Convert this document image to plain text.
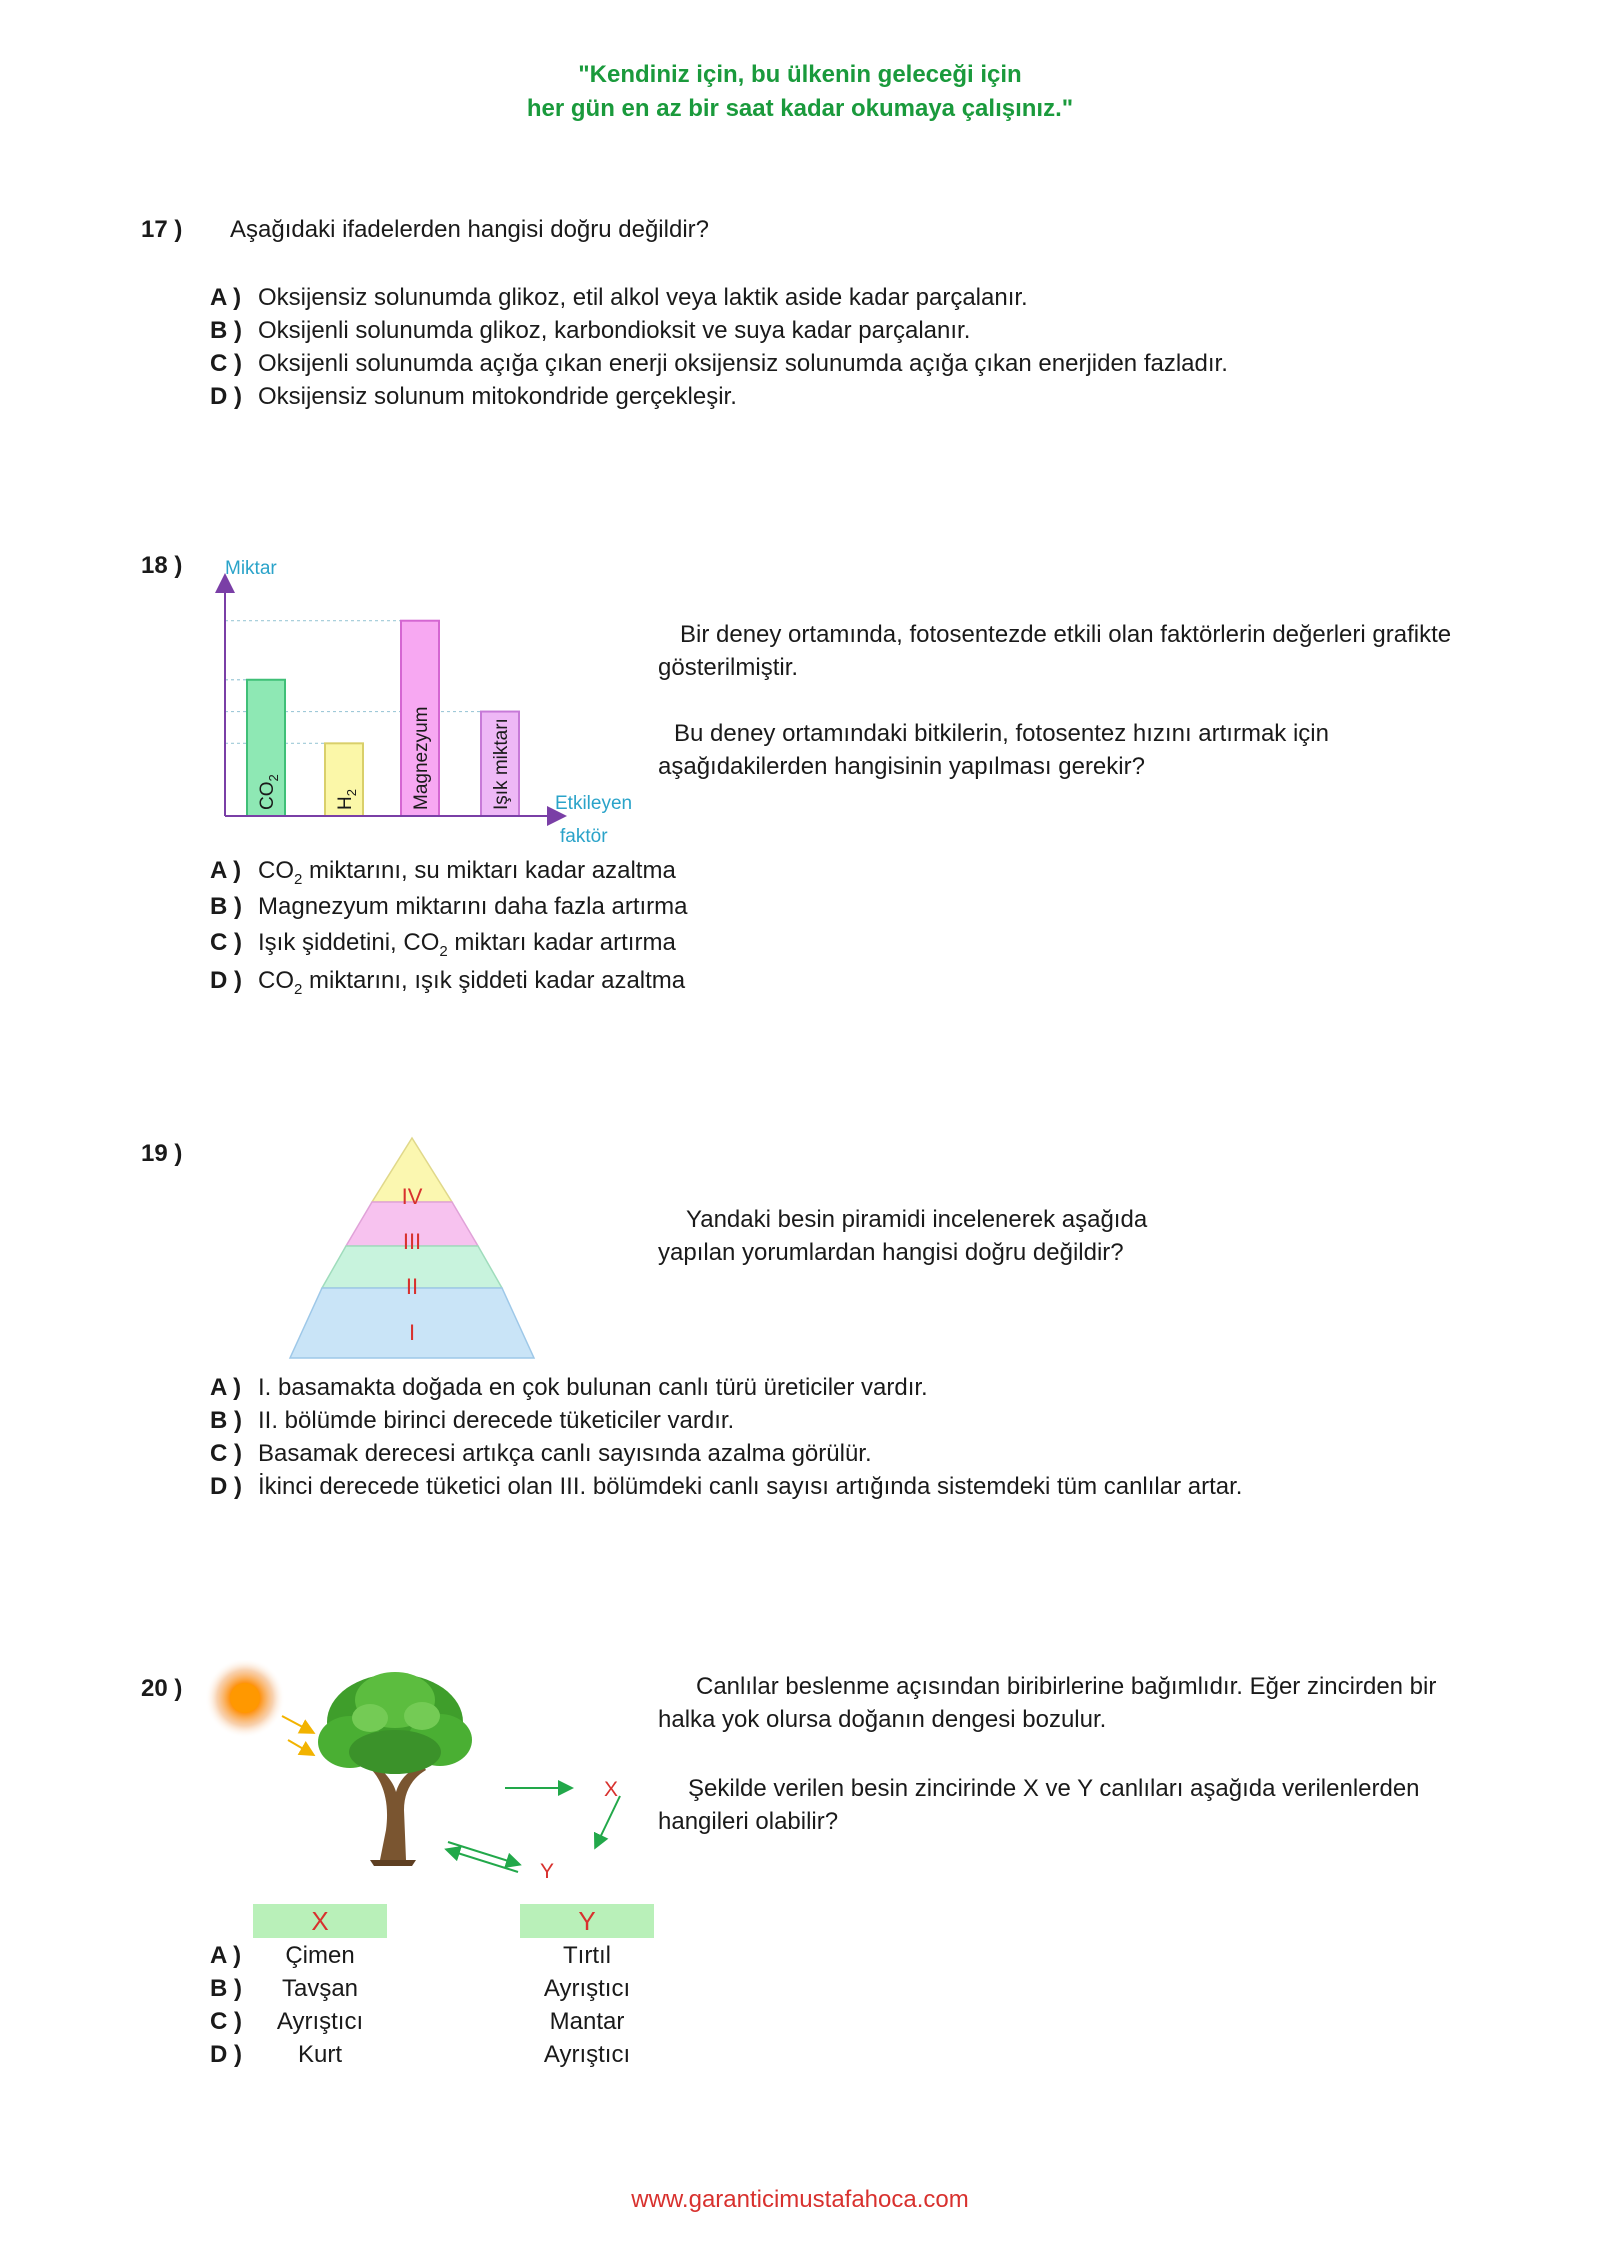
"Kendiniz için, bu ülkenin geleceği için
her gün en az bir saat kadar okumaya çalışınız."
17 ) Aşağıdaki ifadelerden hangisi doğru değildir?
A ) Oksijensiz solunumda glikoz, etil alkol veya laktik aside kadar parçalanır.
B ) Oksijenli solunumda glikoz, karbondioksit ve suya kadar parçalanır.
C ) Oksijenli solunumda açığa çıkan enerji oksijensiz solunumda açığa çıkan enerjiden fazladır.
D ) Oksijensiz solunum mitokondride gerçekleşir.
18 )
$CO_2$
$H_2$	Magnezyum	Işık miktarı
Miktar
Etkileyen
faktör
Bir deney ortamında, fotosentezde etkili olan faktörlerin değerleri grafikte gösterilmiştir.
Bu deney ortamındaki bitkilerin, fotosentez hızını artırmak için aşağıdakilerden hangisinin yapılması gerekir?
A ) $CO_2$ miktarını, su miktarı kadar azaltma
B ) Magnezyum miktarını daha fazla artırma
C ) Işık şiddetini, $CO_2$ miktarı kadar artırma
D ) $CO_2$ miktarını, ışık şiddeti kadar azaltma
19 )
IV
III
II
I
Yandaki besin piramidi incelenerek aşağıda yapılan yorumlardan hangisi doğru değildir?
A ) I. basamakta doğada en çok bulunan canlı türü üreticiler vardır.
B ) II. bölümde birinci derecede tüketiciler vardır.
C ) Basamak derecesi artıkça canlı sayısında azalma görülür.
D ) İkinci derecede tüketici olan III. bölümdeki canlı sayısı artığında sistemdeki tüm canlılar artar.
20 )
X
Y
Canlılar beslenme açısından biribirlerine bağımlıdır. Eğer zincirden bir halka yok olursa doğanın dengesi bozulur.
Şekilde verilen besin zincirinde X ve Y canlıları aşağıda verilenlerden hangileri olabilir?
X	Y
A )	Çimen	Tırtıl
B )	Tavşan	Ayrıştıcı
C )	Ayrıştıcı	Mantar
D )	Kurt	Ayrıştıcı
www.garanticimustafahoca.com
